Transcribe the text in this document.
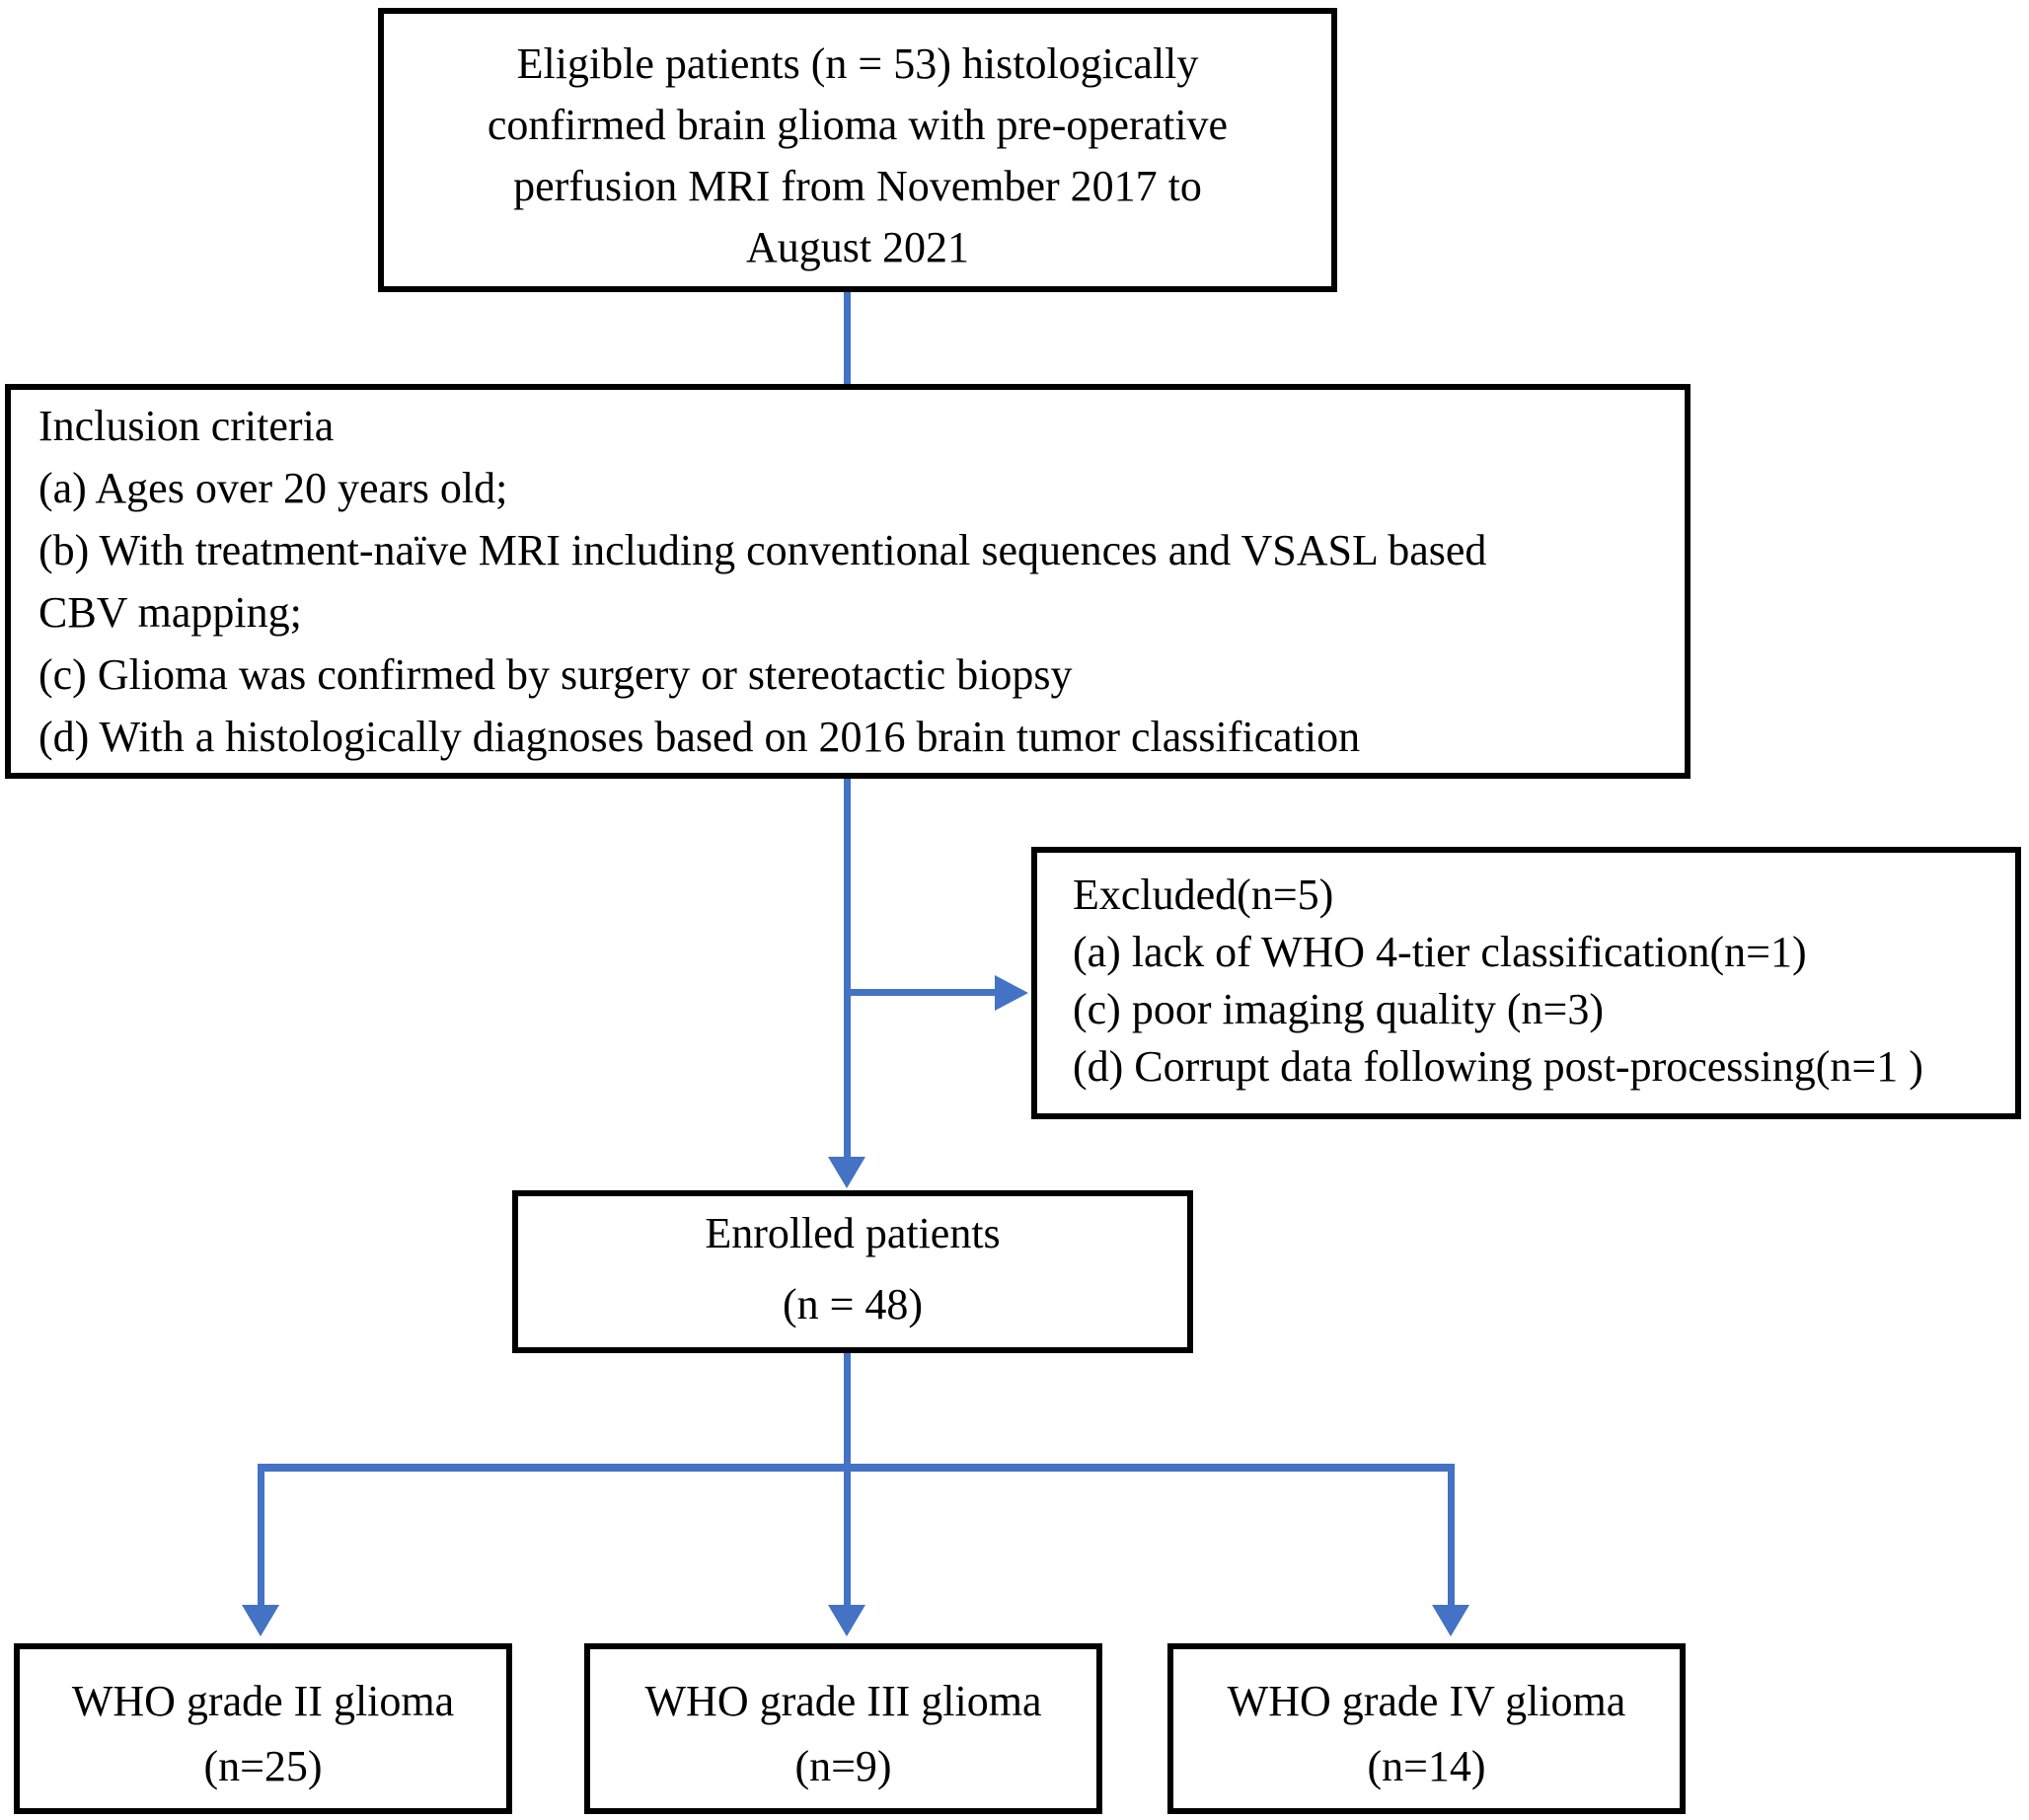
Eligible patients (n = 53) histologically
confirmed brain glioma with pre-operative
perfusion MRI from November 2017 to
August 2021
Inclusion criteria
(a) Ages over 20 years old;
(b) With treatment-naïve MRI including conventional sequences and VSASL based
CBV mapping;
(c) Glioma was confirmed by surgery or stereotactic biopsy
(d) With a histologically diagnoses based on 2016 brain tumor classification
Excluded(n=5)
(a) lack of WHO 4-tier classification(n=1)
(c) poor imaging quality (n=3)
(d) Corrupt data following post-processing(n=1 )
Enrolled patients
(n = 48)
WHO grade II glioma
(n=25)
WHO grade III glioma
(n=9)
WHO grade IV glioma
(n=14)
